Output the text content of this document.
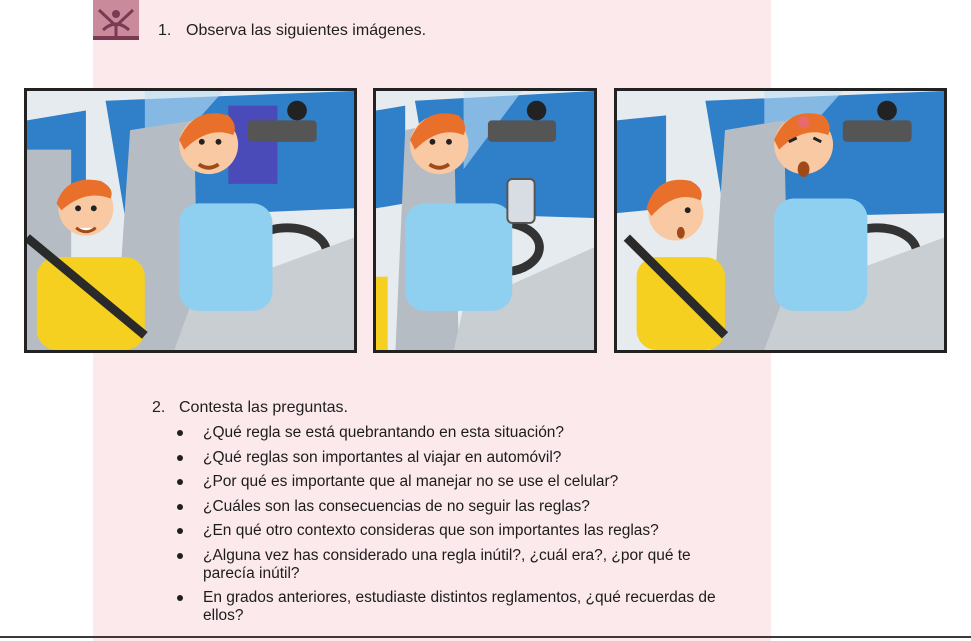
1. Observa las siguientes imágenes.
2. Contesta las preguntas.
¿Qué regla se está quebrantando en esta situación?
¿Qué reglas son importantes al viajar en automóvil?
¿Por qué es importante que al manejar no se use el celular?
¿Cuáles son las consecuencias de no seguir las reglas?
¿En qué otro contexto consideras que son importantes las reglas?
¿Alguna vez has considerado una regla inútil?, ¿cuál era?, ¿por qué te parecía inútil?
En grados anteriores, estudiaste distintos reglamentos, ¿qué recuerdas de ellos?
